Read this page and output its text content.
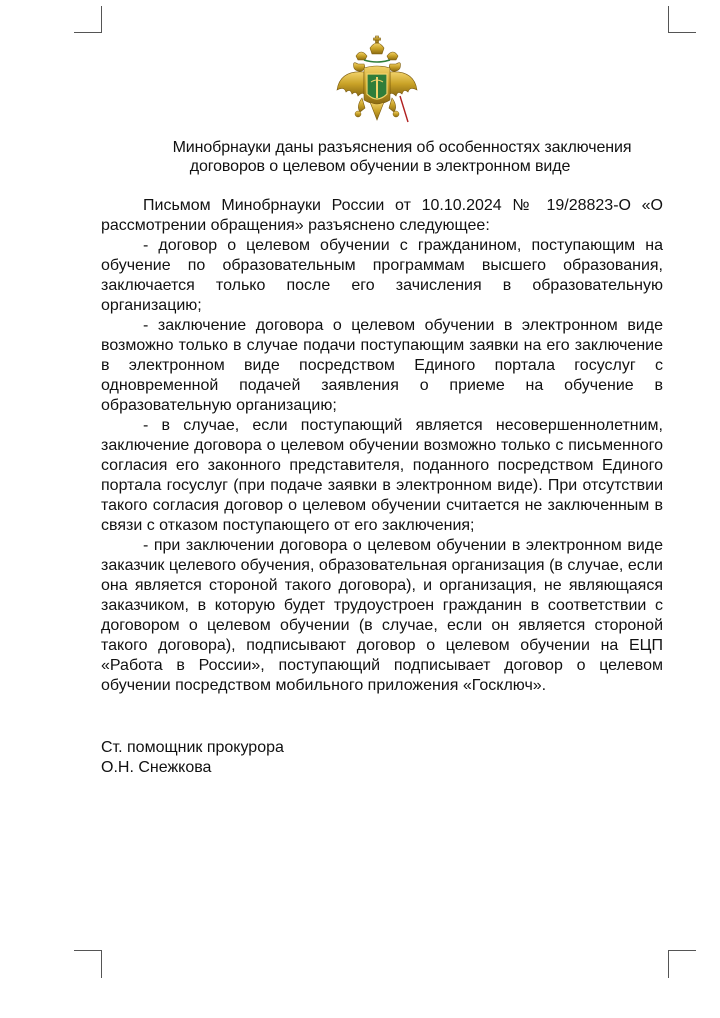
Минобрнауки даны разъяснения об особенностях заключения
договоров о целевом обучении в электронном виде

Письмом Минобрнауки России от 10.10.2024 № 19/28823-О «О рассмотрении обращения» разъяснено следующее:

- договор о целевом обучении с гражданином, поступающим на обучение по образовательным программам высшего образования, заключается только после его зачисления в образовательную организацию;

- заключение договора о целевом обучении в электронном виде возможно только в случае подачи поступающим заявки на его заключение в электронном виде посредством Единого портала госуслуг с одновременной подачей заявления о приеме на обучение в образовательную организацию;

- в случае, если поступающий является несовершеннолетним, заключение договора о целевом обучении возможно только с письменного согласия его законного представителя, поданного посредством Единого портала госуслуг (при подаче заявки в электронном виде). При отсутствии такого согласия договор о целевом обучении считается не заключенным в связи с отказом поступающего от его заключения;

- при заключении договора о целевом обучении в электронном виде заказчик целевого обучения, образовательная организация (в случае, если она является стороной такого договора), и организация, не являющаяся заказчиком, в которую будет трудоустроен гражданин в соответствии с договором о целевом обучении (в случае, если он является стороной такого договора), подписывают договор о целевом обучении на ЕЦП «Работа в России», поступающий подписывает договор о целевом обучении посредством мобильного приложения «Госключ».

Ст. помощник прокурора
О.Н. Снежкова
